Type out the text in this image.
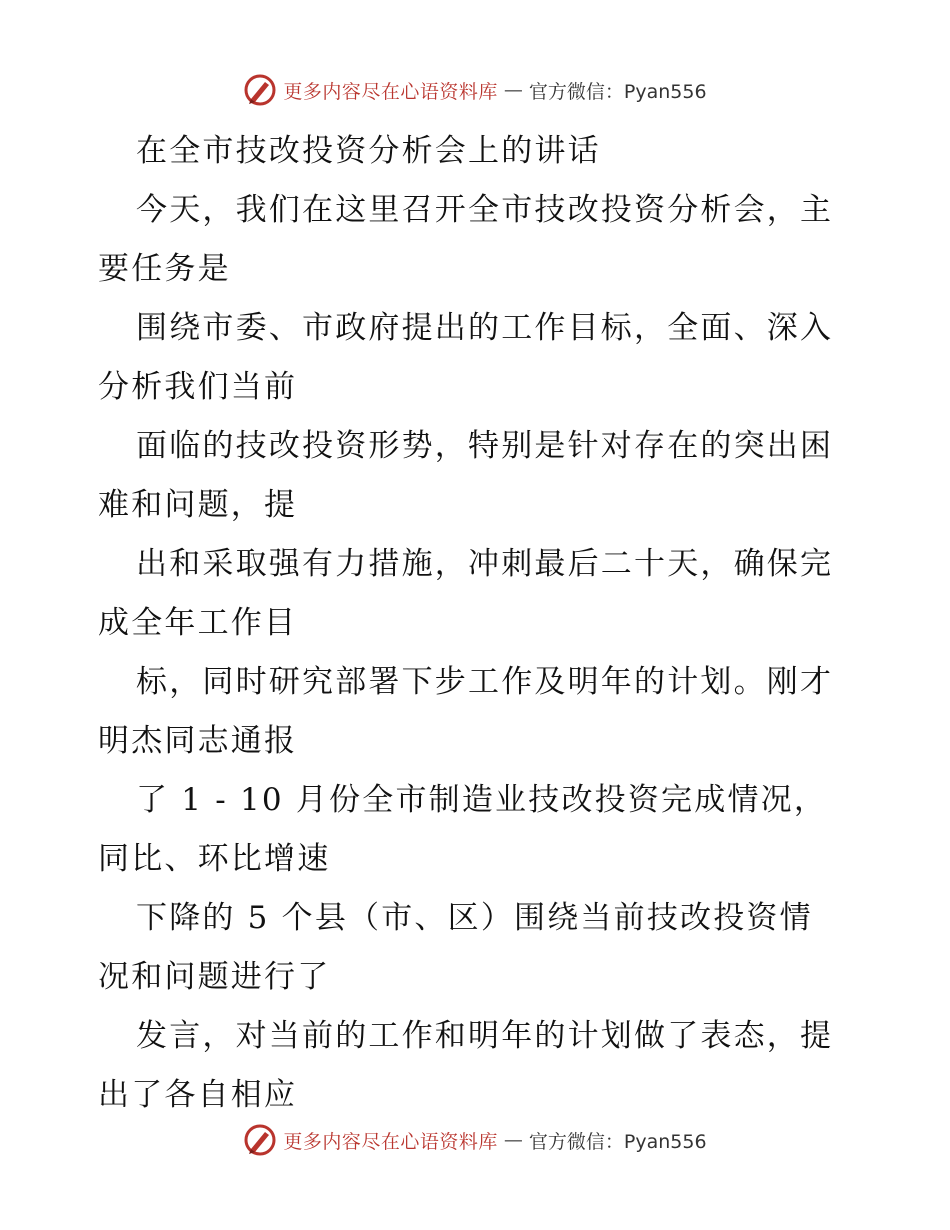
更多内容尽在心语资料库 — 官方微信：Pyan556
在全市技改投资分析会上的讲话
今天，我们在这里召开全市技改投资分析会，主
要任务是
围绕市委、市政府提出的工作目标，全面、深入
分析我们当前
面临的技改投资形势，特别是针对存在的突出困
难和问题，提
出和采取强有力措施，冲刺最后二十天，确保完
成全年工作目
标，同时研究部署下步工作及明年的计划。刚才
明杰同志通报
了 1 - 10 月份全市制造业技改投资完成情况，
同比、环比增速
下降的 5 个县（市、区）围绕当前技改投资情
况和问题进行了
发言，对当前的工作和明年的计划做了表态，提
出了各自相应
更多内容尽在心语资料库 — 官方微信：Pyan556
